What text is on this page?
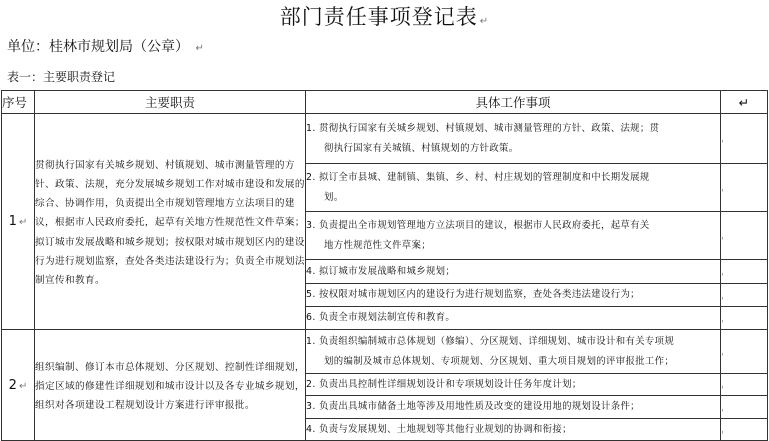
部门责任事项登记表 ↵
单位：桂林市规划局（公章） ↵
表一：主要职责登记
序号	主要职责	具体工作事项	↵
1 ↵	贯彻执行国家有关城乡规划、村镇规划、城市测量管理的方针、政策、法规，充分发展城乡规划工作对城市建设和发展的综合、协调作用，负责提出全市规划管理地方立法项目的建议，根据市人民政府委托，起草有关地方性规范性文件草案；拟订城市发展战略和城乡规划；按权限对城市规划区内的建设行为进行规划监察，查处各类违法建设行为；负责全市规划法制宣传和教育。	1. 贯彻执行国家有关城乡规划、村镇规划、城市测量管理的方针、政策、法规；贯
彻执行国家有关城镇、村镇规划的方针政策。	ˌ

		2. 拟订全市县城、建制镇、集镇、乡、村、村庄规划的管理制度和中长期发展规
划。	ˌ

		3. 负责提出全市规划管理地方立法项目的建议，根据市人民政府委托，起草有关
地方性规范性文件草案；	ˌ

		4. 拟订城市发展战略和城乡规划；	ˌ

		5. 按权限对城市规划区内的建设行为进行规划监察，查处各类违法建设行为；	ˌ

		6. 负责全市规划法制宣传和教育。	ˌ
2 ↵	组织编制、修订本市总体规划、分区规划、控制性详细规划，指定区域的修建性详细规划和城市设计以及各专业城乡规划，组织对各项建设工程规划设计方案进行评审报批。	1. 负责组织编制城市总体规划（修编）、分区规划、详细规划、城市设计和有关专项规
划的编制及城市总体规划、专项规划、分区规划、重大项目规划的评审报批工作；	ˌ

		2. 负责出具控制性详细规划设计和专项规划设计任务年度计划；	ˌ

		3. 负责出具城市储备土地等涉及用地性质及改变的建设用地的规划设计条件；	ˌ

		4. 负责与发展规划、土地规划等其他行业规划的协调和衔接；	ˌ
